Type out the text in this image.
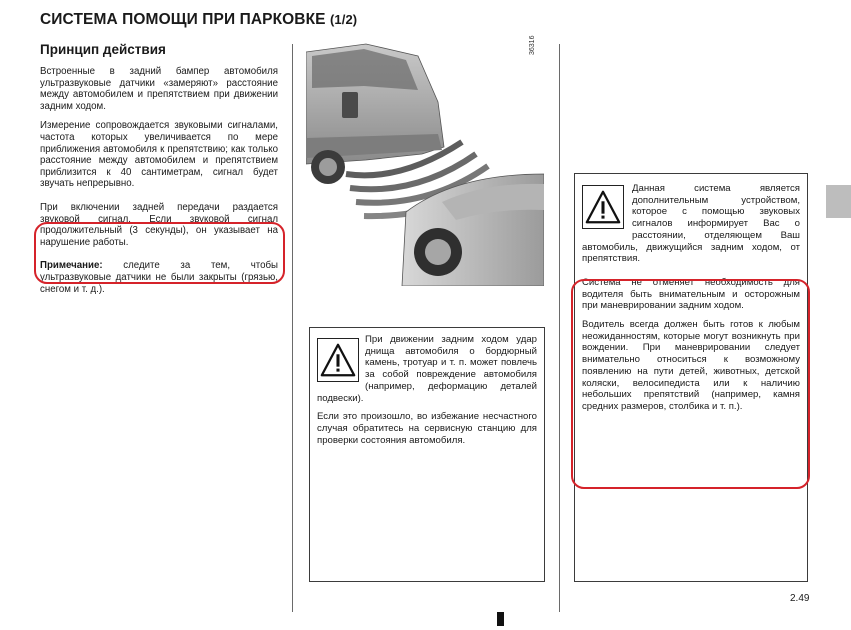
СИСТЕМА ПОМОЩИ ПРИ ПАРКОВКЕ (1/2)
Принцип действия

Встроенные в задний бампер автомобиля ультразвуковые датчики «замеряют» расстояние между автомобилем и препятствием при движении задним ходом.

Измерение сопровождается звуковыми сигналами, частота которых увеличивается по мере приближения автомобиля к препятствию; как только расстояние между автомобилем и препятствием приблизится к 40 сантиметрам, сигнал будет звучать непрерывно.

При включении задней передачи раздается звуковой сигнал. Если звуковой сигнал продолжительный (3 секунды), он указывает на нарушение работы.

Примечание: следите за тем, чтобы ультразвуковые датчики не были закрыты (грязью, снегом и т. д.).

36316

При движении задним ходом удар днища автомобиля о бордюрный камень, тротуар и т. п. может повлечь за собой повреждение автомобиля (например, деформацию деталей подвески).

Если это произошло, во избежание несчастного случая обратитесь на сервисную станцию для проверки состояния автомобиля.

Данная система является дополнительным устройством, которое с помощью звуковых сигналов информирует Вас о расстоянии, отделяющем Ваш автомобиль, движущийся задним ходом, от препятствия.

Система не отменяет необходимость для водителя быть внимательным и осторожным при маневрировании задним ходом.

Водитель всегда должен быть готов к любым неожиданностям, которые могут возникнуть при вождении. При маневрировании следует внимательно относиться к возможному появлению на пути детей, животных, детской коляски, велосипедиста или к наличию небольших препятствий (например, камня средних размеров, столбика и т. п.).

2.49
